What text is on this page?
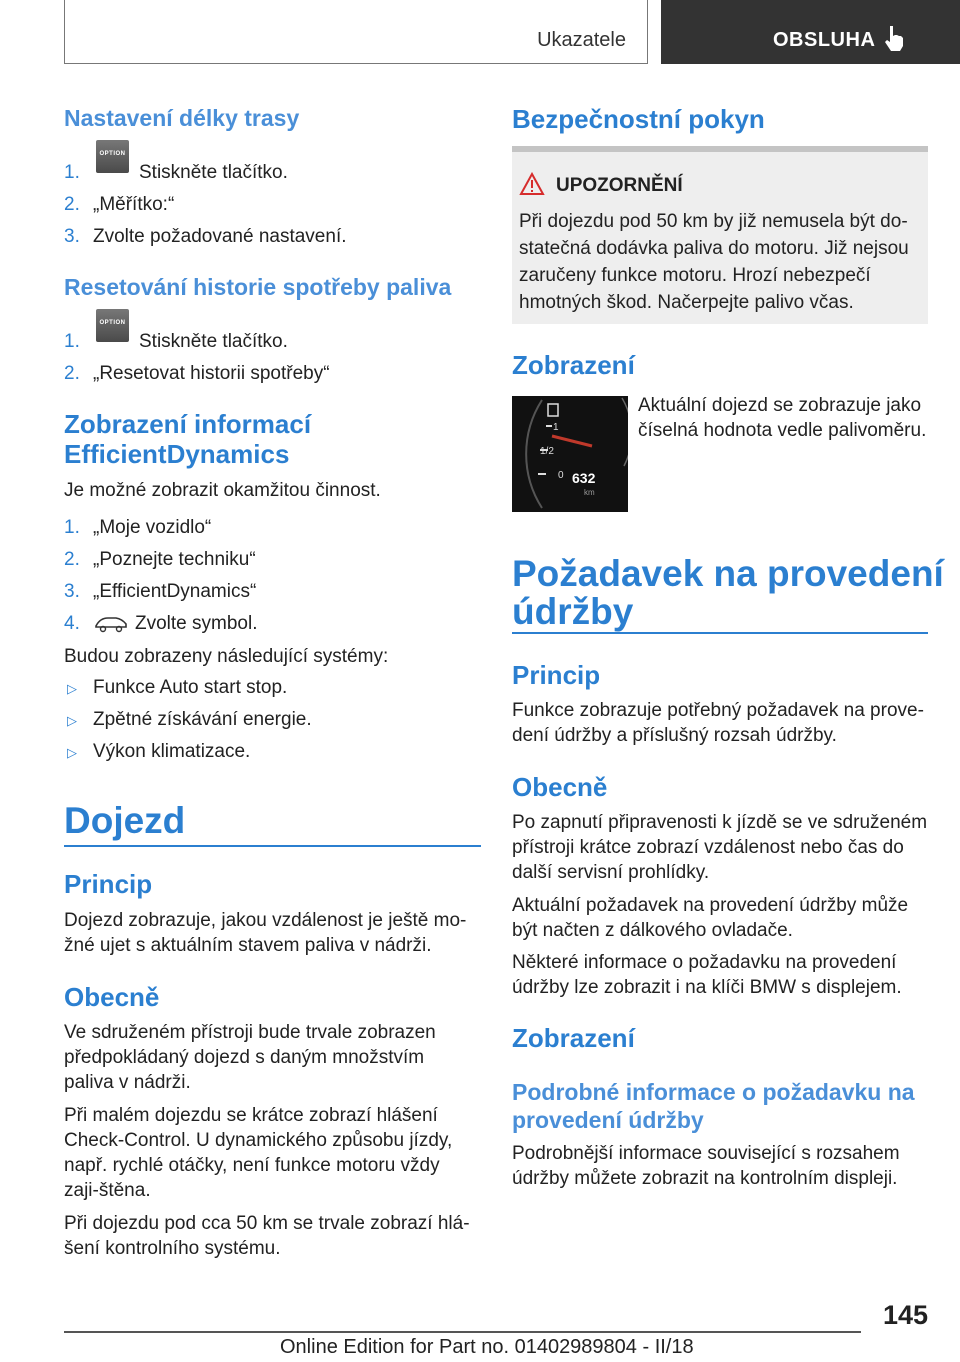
Ukazatele	OBSLUHA
Nastavení délky trasy
1.
OPTION
Stiskněte tlačítko.
2. „Měřítko:“
3. Zvolte požadované nastavení.
Resetování historie spotřeby paliva
1.
OPTION
Stiskněte tlačítko.
2. „Resetovat historii spotřeby“
Zobrazení informací
EfficientDynamics

Je možné zobrazit okamžitou činnost.

1. „Moje vozidlo“
2. „Poznejte techniku“
3. „EfficientDynamics“
4.	Zvolte symbol.

Budou zobrazeny následující systémy:

▷ Funkce Auto start stop.
▷ Zpětné získávání energie.
▷ Výkon klimatizace.
Dojezd
Princip

Dojezd zobrazuje, jakou vzdálenost je ještě mo-žné ujet s aktuálním stavem paliva v nádrži.

Obecně

Ve sdruženém přístroji bude trvale zobrazen předpokládaný dojezd s daným množstvím paliva v nádrži.

Při malém dojezdu se krátce zobrazí hlášení Check-Control. U dynamického způsobu jízdy, např. rychlé otáčky, není funkce motoru vždy zaji-štěna.

Při dojezdu pod cca 50 km se trvale zobrazí hlá-šení kontrolního systému.

Bezpečnostní pokyn
UPOZORNĚNÍ
Při dojezdu pod 50 km by již nemusela být do-statečná dodávka paliva do motoru. Již nejsou zaručeny funkce motoru. Hrozí nebezpečí hmotných škod. Načerpejte palivo včas.
Zobrazení
1
1/2
0 632
km

Aktuální dojezd se zobrazuje jako číselná hodnota vedle palivoměru.

Požadavek na provedení
údržby
Princip

Funkce zobrazuje potřebný požadavek na prove-dení údržby a příslušný rozsah údržby.

Obecně

Po zapnutí připravenosti k jízdě se ve sdruženém přístroji krátce zobrazí vzdálenost nebo čas do další servisní prohlídky.

Aktuální požadavek na provedení údržby může být načten z dálkového ovladače.

Některé informace o požadavku na provedení údržby lze zobrazit i na klíči BMW s displejem.

Zobrazení
Podrobné informace o požadavku na
provedení údržby

Podrobnější informace související s rozsahem údržby můžete zobrazit na kontrolním displeji.

145
Online Edition for Part no. 01402989804 - II/18
